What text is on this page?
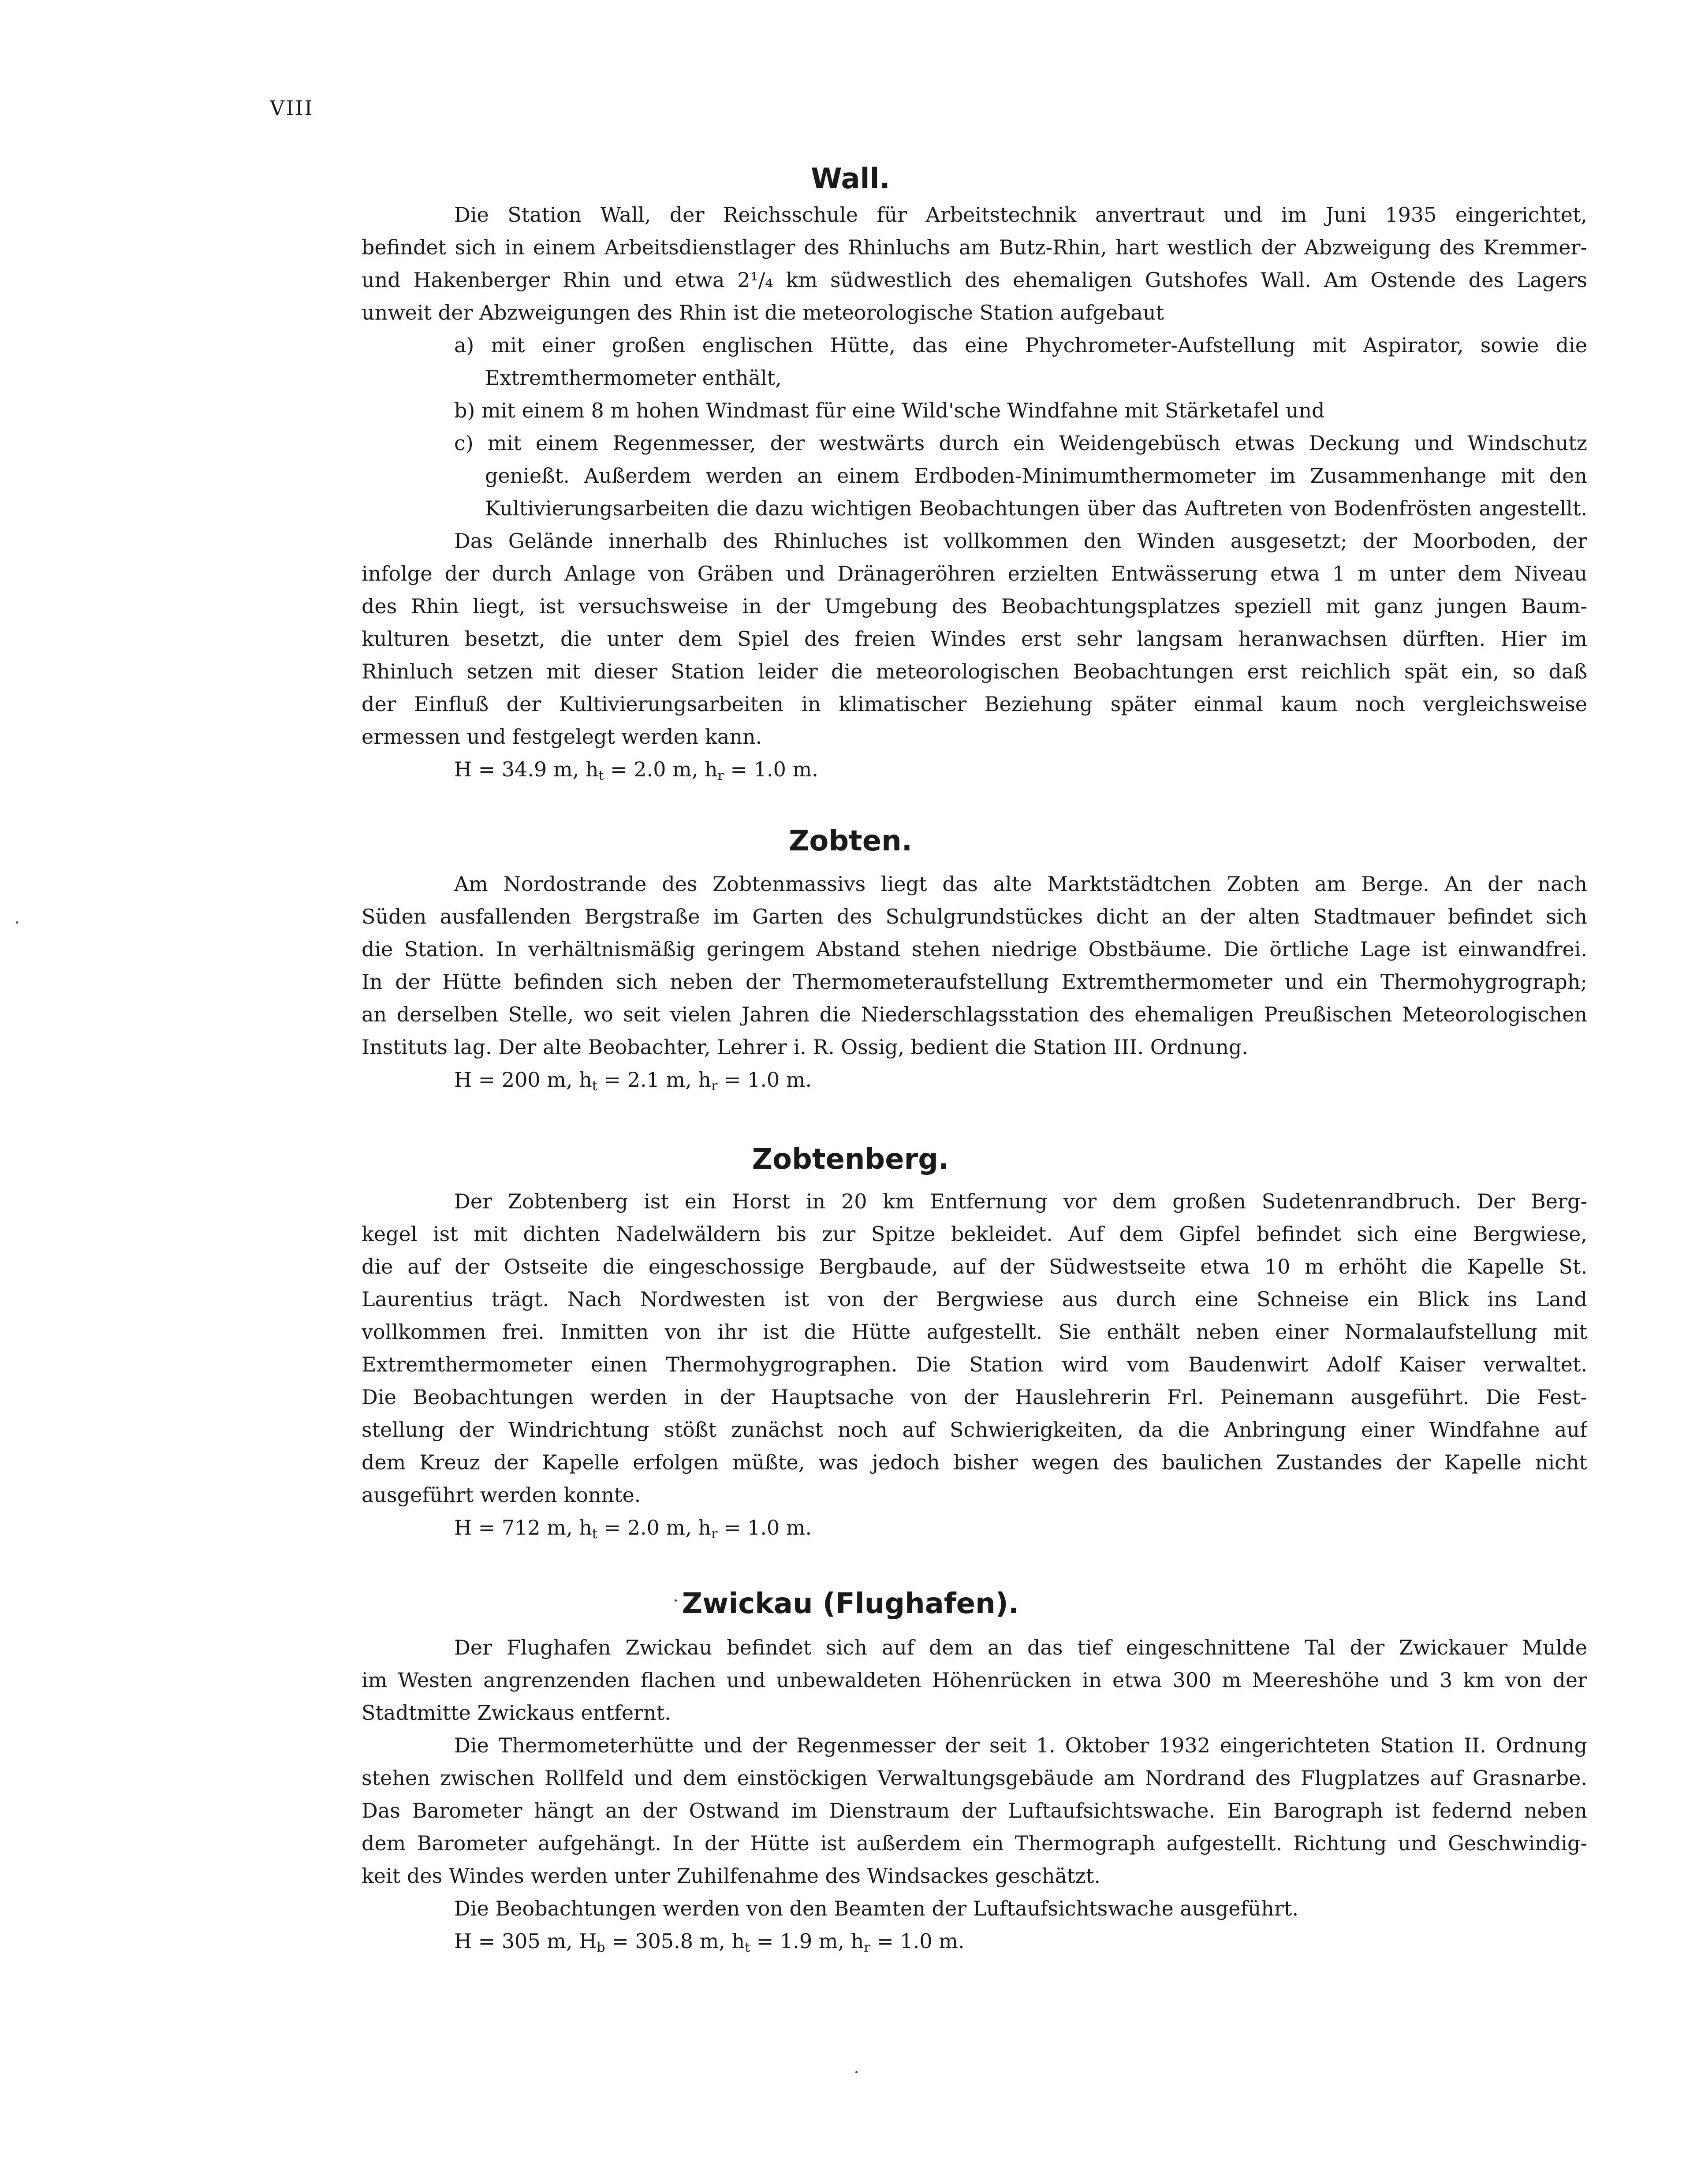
VIII
Wall.
Die Station Wall, der Reichsschule für Arbeitstechnik anvertraut und im Juni 1935 eingerichtet,
befindet sich in einem Arbeitsdienstlager des Rhinluchs am Butz-Rhin, hart westlich der Abzweigung des Kremmer-
und Hakenberger Rhin und etwa 2¹/₄ km südwestlich des ehemaligen Gutshofes Wall. Am Ostende des Lagers
unweit der Abzweigungen des Rhin ist die meteorologische Station aufgebaut
a) mit einer großen englischen Hütte, das eine Phychrometer-Aufstellung mit Aspirator, sowie die
Extremthermometer enthält,
b) mit einem 8 m hohen Windmast für eine Wild'sche Windfahne mit Stärketafel und
c) mit einem Regenmesser, der westwärts durch ein Weidengebüsch etwas Deckung und Windschutz
genießt. Außerdem werden an einem Erdboden-Minimumthermometer im Zusammenhange mit den
Kultivierungsarbeiten die dazu wichtigen Beobachtungen über das Auftreten von Bodenfrösten angestellt.
Das Gelände innerhalb des Rhinluches ist vollkommen den Winden ausgesetzt; der Moorboden, der
infolge der durch Anlage von Gräben und Dränageröhren erzielten Entwässerung etwa 1 m unter dem Niveau
des Rhin liegt, ist versuchsweise in der Umgebung des Beobachtungsplatzes speziell mit ganz jungen Baum-
kulturen besetzt, die unter dem Spiel des freien Windes erst sehr langsam heranwachsen dürften. Hier im
Rhinluch setzen mit dieser Station leider die meteorologischen Beobachtungen erst reichlich spät ein, so daß
der Einfluß der Kultivierungsarbeiten in klimatischer Beziehung später einmal kaum noch vergleichsweise
ermessen und festgelegt werden kann.
H = 34.9 m, $h_t = 2.0$ m, $h_r = 1.0$ m.
Zobten.
Am Nordostrande des Zobtenmassivs liegt das alte Marktstädtchen Zobten am Berge. An der nach
Süden ausfallenden Bergstraße im Garten des Schulgrundstückes dicht an der alten Stadtmauer befindet sich
die Station. In verhältnismäßig geringem Abstand stehen niedrige Obstbäume. Die örtliche Lage ist einwandfrei.
In der Hütte befinden sich neben der Thermometeraufstellung Extremthermometer und ein Thermohygrograph;
an derselben Stelle, wo seit vielen Jahren die Niederschlagsstation des ehemaligen Preußischen Meteorologischen
Instituts lag. Der alte Beobachter, Lehrer i. R. Ossig, bedient die Station III. Ordnung.
H = 200 m, $h_t = 2.1$ m, $h_r = 1.0$ m.
Zobtenberg.
Der Zobtenberg ist ein Horst in 20 km Entfernung vor dem großen Sudetenrandbruch. Der Berg-
kegel ist mit dichten Nadelwäldern bis zur Spitze bekleidet. Auf dem Gipfel befindet sich eine Bergwiese,
die auf der Ostseite die eingeschossige Bergbaude, auf der Südwestseite etwa 10 m erhöht die Kapelle St.
Laurentius trägt. Nach Nordwesten ist von der Bergwiese aus durch eine Schneise ein Blick ins Land
vollkommen frei. Inmitten von ihr ist die Hütte aufgestellt. Sie enthält neben einer Normalaufstellung mit
Extremthermometer einen Thermohygrographen. Die Station wird vom Baudenwirt Adolf Kaiser verwaltet.
Die Beobachtungen werden in der Hauptsache von der Hauslehrerin Frl. Peinemann ausgeführt. Die Fest-
stellung der Windrichtung stößt zunächst noch auf Schwierigkeiten, da die Anbringung einer Windfahne auf
dem Kreuz der Kapelle erfolgen müßte, was jedoch bisher wegen des baulichen Zustandes der Kapelle nicht
ausgeführt werden konnte.
H = 712 m, $h_t = 2.0$ m, $h_r = 1.0$ m.
Zwickau (Flughafen).
Der Flughafen Zwickau befindet sich auf dem an das tief eingeschnittene Tal der Zwickauer Mulde
im Westen angrenzenden flachen und unbewaldeten Höhenrücken in etwa 300 m Meereshöhe und 3 km von der
Stadtmitte Zwickaus entfernt.
Die Thermometerhütte und der Regenmesser der seit 1. Oktober 1932 eingerichteten Station II. Ordnung
stehen zwischen Rollfeld und dem einstöckigen Verwaltungsgebäude am Nordrand des Flugplatzes auf Grasnarbe.
Das Barometer hängt an der Ostwand im Dienstraum der Luftaufsichtswache. Ein Barograph ist federnd neben
dem Barometer aufgehängt. In der Hütte ist außerdem ein Thermograph aufgestellt. Richtung und Geschwindig-
keit des Windes werden unter Zuhilfenahme des Windsackes geschätzt.
Die Beobachtungen werden von den Beamten der Luftaufsichtswache ausgeführt.
H = 305 m, $H_b = 305.8$ m, $h_t = 1.9$ m, $h_r = 1.0$ m.
